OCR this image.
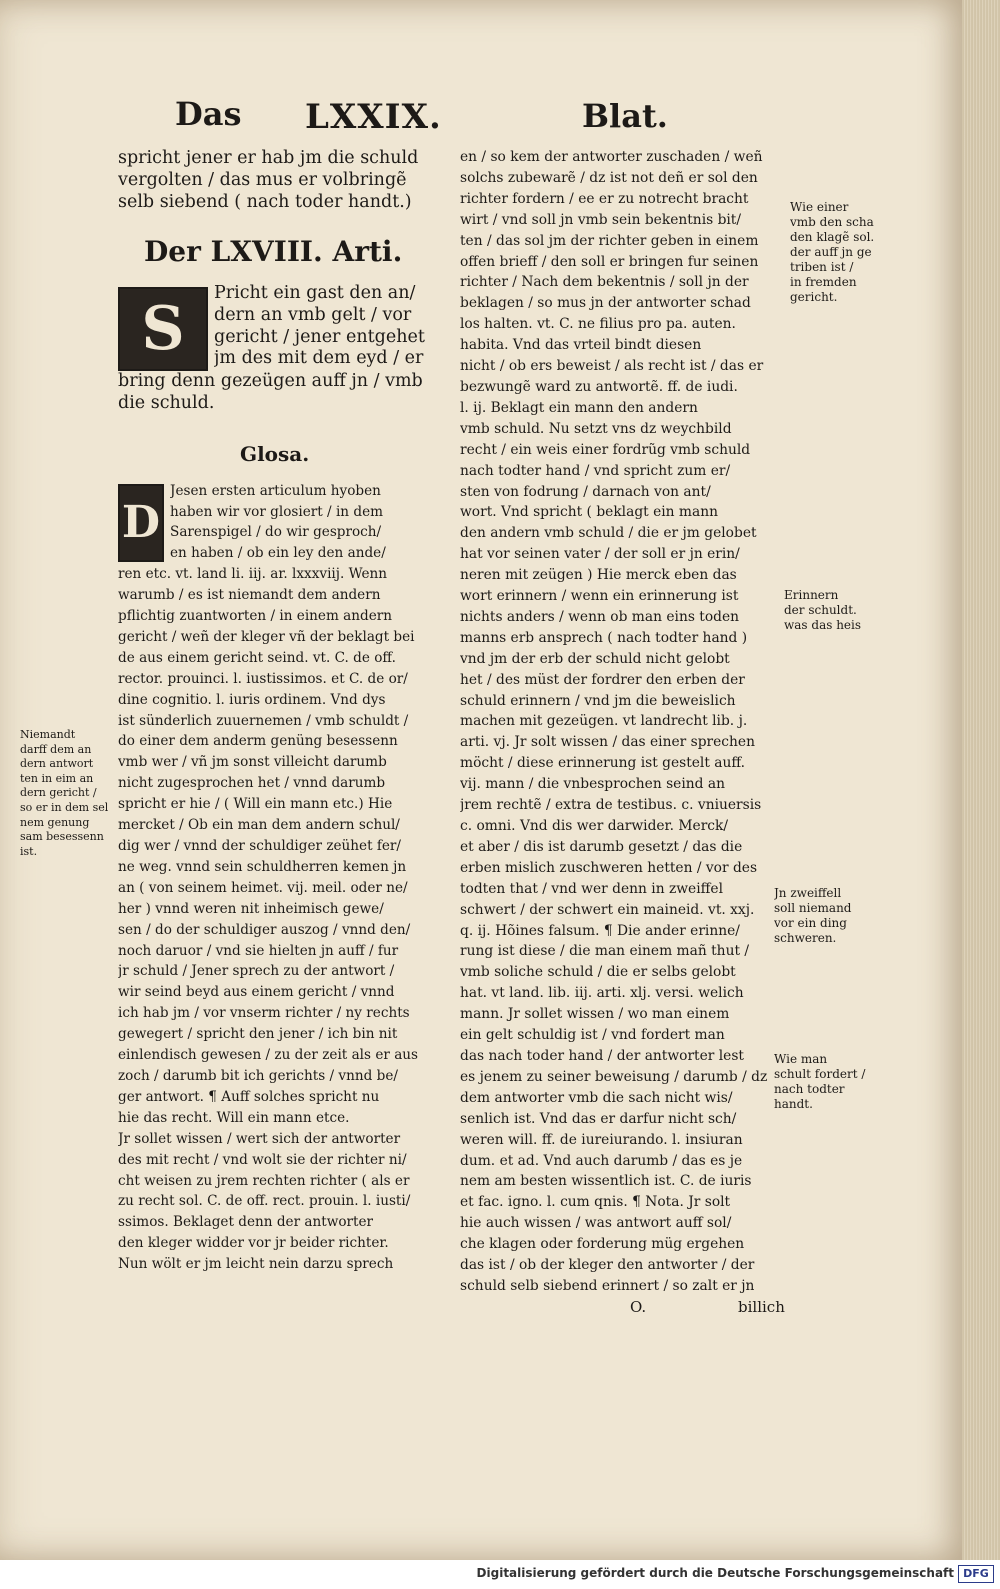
Das LXXIX.	Blat.
spricht jener er hab jm die schuld
vergolten / das mus er volbringẽ
selb siebend ( nach toder handt.)
Der LXVIII. Arti.
S
Pricht ein gast den an/
dern an vmb gelt / vor
gericht / jener entgehet
jm des mit dem eyd / er
bring denn gezeügen auff jn / vmb
die schuld.
Glosa.
D
Jesen ersten articulum hyoben
haben wir vor glosiert / in dem
Sarenspigel / do wir gesproch/
en haben / ob ein ley den ande/
ren etc. vt. land li. iij. ar. lxxxviij. Wenn
warumb / es ist niemandt dem andern
pflichtig zuantworten / in einem andern
gericht / weñ der kleger vñ der beklagt bei
de aus einem gericht seind. vt. C. de off.
rector. prouinci. l. iustissimos. et C. de or/
dine cognitio. l. iuris ordinem. Vnd dys
ist sünderlich zuuernemen / vmb schuldt /
do einer dem anderm genüng besessenn
vmb wer / vñ jm sonst villeicht darumb
nicht zugesprochen het / vnnd darumb
spricht er hie / ( Will ein mann etc.) Hie
mercket / Ob ein man dem andern schul/
dig wer / vnnd der schuldiger zeühet fer/
ne weg. vnnd sein schuldherren kemen jn
an ( von seinem heimet. vij. meil. oder ne/
her ) vnnd weren nit inheimisch gewe/
sen / do der schuldiger auszog / vnnd den/
noch daruor / vnd sie hielten jn auff / fur
jr schuld / Jener sprech zu der antwort /
wir seind beyd aus einem gericht / vnnd
ich hab jm / vor vnserm richter / ny rechts
gewegert / spricht den jener / ich bin nit
einlendisch gewesen / zu der zeit als er aus
zoch / darumb bit ich gerichts / vnnd be/
ger antwort. ¶ Auff solches spricht nu
hie das recht. Will ein mann etce.
Jr sollet wissen / wert sich der antworter
des mit recht / vnd wolt sie der richter ni/
cht weisen zu jrem rechten richter ( als er
zu recht sol. C. de off. rect. prouin. l. iusti/
ssimos. Beklaget denn der antworter
den kleger widder vor jr beider richter.
Nun wölt er jm leicht nein darzu sprech
en / so kem der antworter zuschaden / weñ
solchs zubewarẽ / dz ist not deñ er sol den
richter fordern / ee er zu notrecht bracht
wirt / vnd soll jn vmb sein bekentnis bit/
ten / das sol jm der richter geben in einem
offen brieff / den soll er bringen fur seinen
richter / Nach dem bekentnis / soll jn der
beklagen / so mus jn der antworter schad
los halten. vt. C. ne filius pro pa. auten.
habita. Vnd das vrteil bindt diesen
nicht / ob ers beweist / als recht ist / das er
bezwungẽ ward zu antwortẽ. ff. de iudi.
l. ij. Beklagt ein mann den andern
vmb schuld. Nu setzt vns dz weychbild
recht / ein weis einer fordrũg vmb schuld
nach todter hand / vnd spricht zum er/
sten von fodrung / darnach von ant/
wort. Vnd spricht ( beklagt ein mann
den andern vmb schuld / die er jm gelobet
hat vor seinen vater / der soll er jn erin/
neren mit zeügen ) Hie merck eben das
wort erinnern / wenn ein erinnerung ist
nichts anders / wenn ob man eins toden
manns erb ansprech ( nach todter hand )
vnd jm der erb der schuld nicht gelobt
het / des müst der fordrer den erben der
schuld erinnern / vnd jm die beweislich
machen mit gezeügen. vt landrecht lib. j.
arti. vj. Jr solt wissen / das einer sprechen
möcht / diese erinnerung ist gestelt auff.
vij. mann / die vnbesprochen seind an
jrem rechtẽ / extra de testibus. c. vniuersis
c. omni. Vnd dis wer darwider. Merck/
et aber / dis ist darumb gesetzt / das die
erben mislich zuschweren hetten / vor des
todten that / vnd wer denn in zweiffel
schwert / der schwert ein maineid. vt. xxj.
q. ij. Hõines falsum. ¶ Die ander erinne/
rung ist diese / die man einem mañ thut /
vmb soliche schuld / die er selbs gelobt
hat. vt land. lib. iij. arti. xlj. versi. welich
mann. Jr sollet wissen / wo man einem
ein gelt schuldig ist / vnd fordert man
das nach toder hand / der antworter lest
es jenem zu seiner beweisung / darumb / dz
dem antworter vmb die sach nicht wis/
senlich ist. Vnd das er darfur nicht sch/
weren will. ff. de iureiurando. l. insiuran
dum. et ad. Vnd auch darumb / das es je
nem am besten wissentlich ist. C. de iuris
et fac. igno. l. cum qnis. ¶ Nota. Jr solt
hie auch wissen / was antwort auff sol/
che klagen oder forderung müg ergehen
das ist / ob der kleger den antworter / der
schuld selb siebend erinnert / so zalt er jn
O.	billich
Niemandt
darff dem an
dern antwort
ten in eim an
dern gericht /
so er in dem sel
nem genung
sam besessenn
ist.
Wie einer
vmb den scha
den klagẽ sol.
der auff jn ge
triben ist /
in fremden
gericht.
Erinnern
der schuldt.
was das heis
Jn zweiffell
soll niemand
vor ein ding
schweren.
Wie man
schult fordert /
nach todter
handt.
Digitalisierung gefördert durch die Deutsche Forschungsgemeinschaft DFG
